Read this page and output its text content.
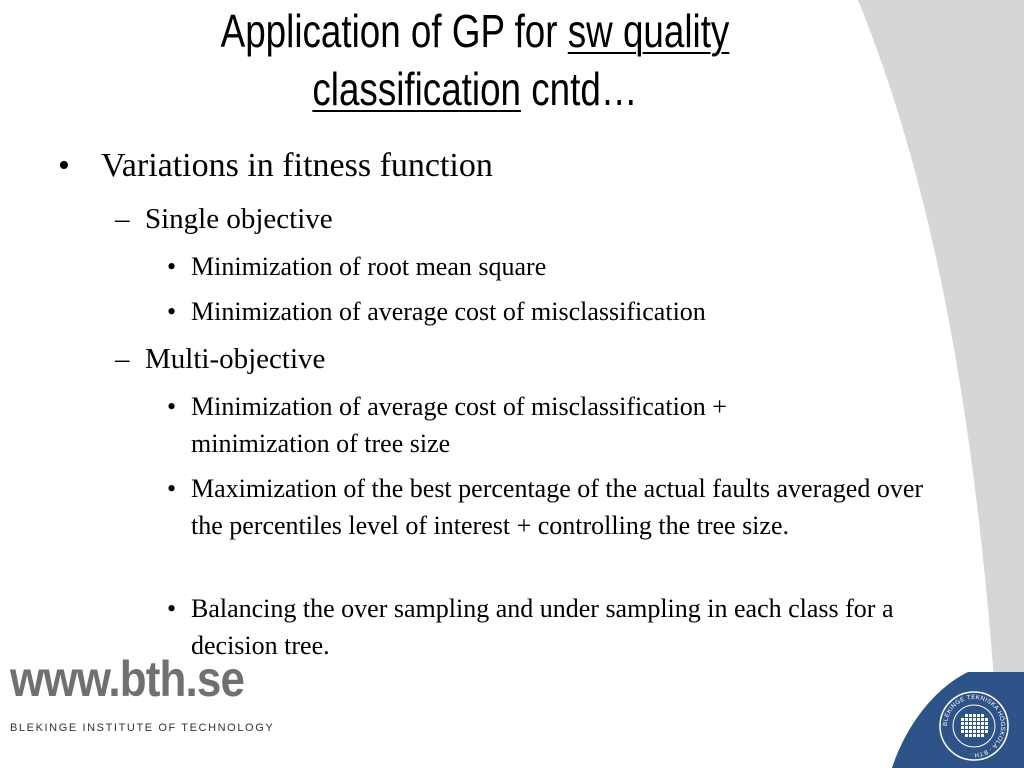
Application of GP for sw quality
classification cntd…
• Variations in fitness function
– Single objective
• Minimization of root mean square
• Minimization of average cost of misclassification
– Multi-objective
• Minimization of average cost of misclassification + minimization of tree size
• Maximization of the best percentage of the actual faults averaged over the percentiles level of interest + controlling the tree size.
• Balancing the over sampling and under sampling in each class for a decision tree.
www.bth.se
BLEKINGE INSTITUTE OF TECHNOLOGY	BLEKINGE TEKNISKA HÖGSKOLA · BTH ·
